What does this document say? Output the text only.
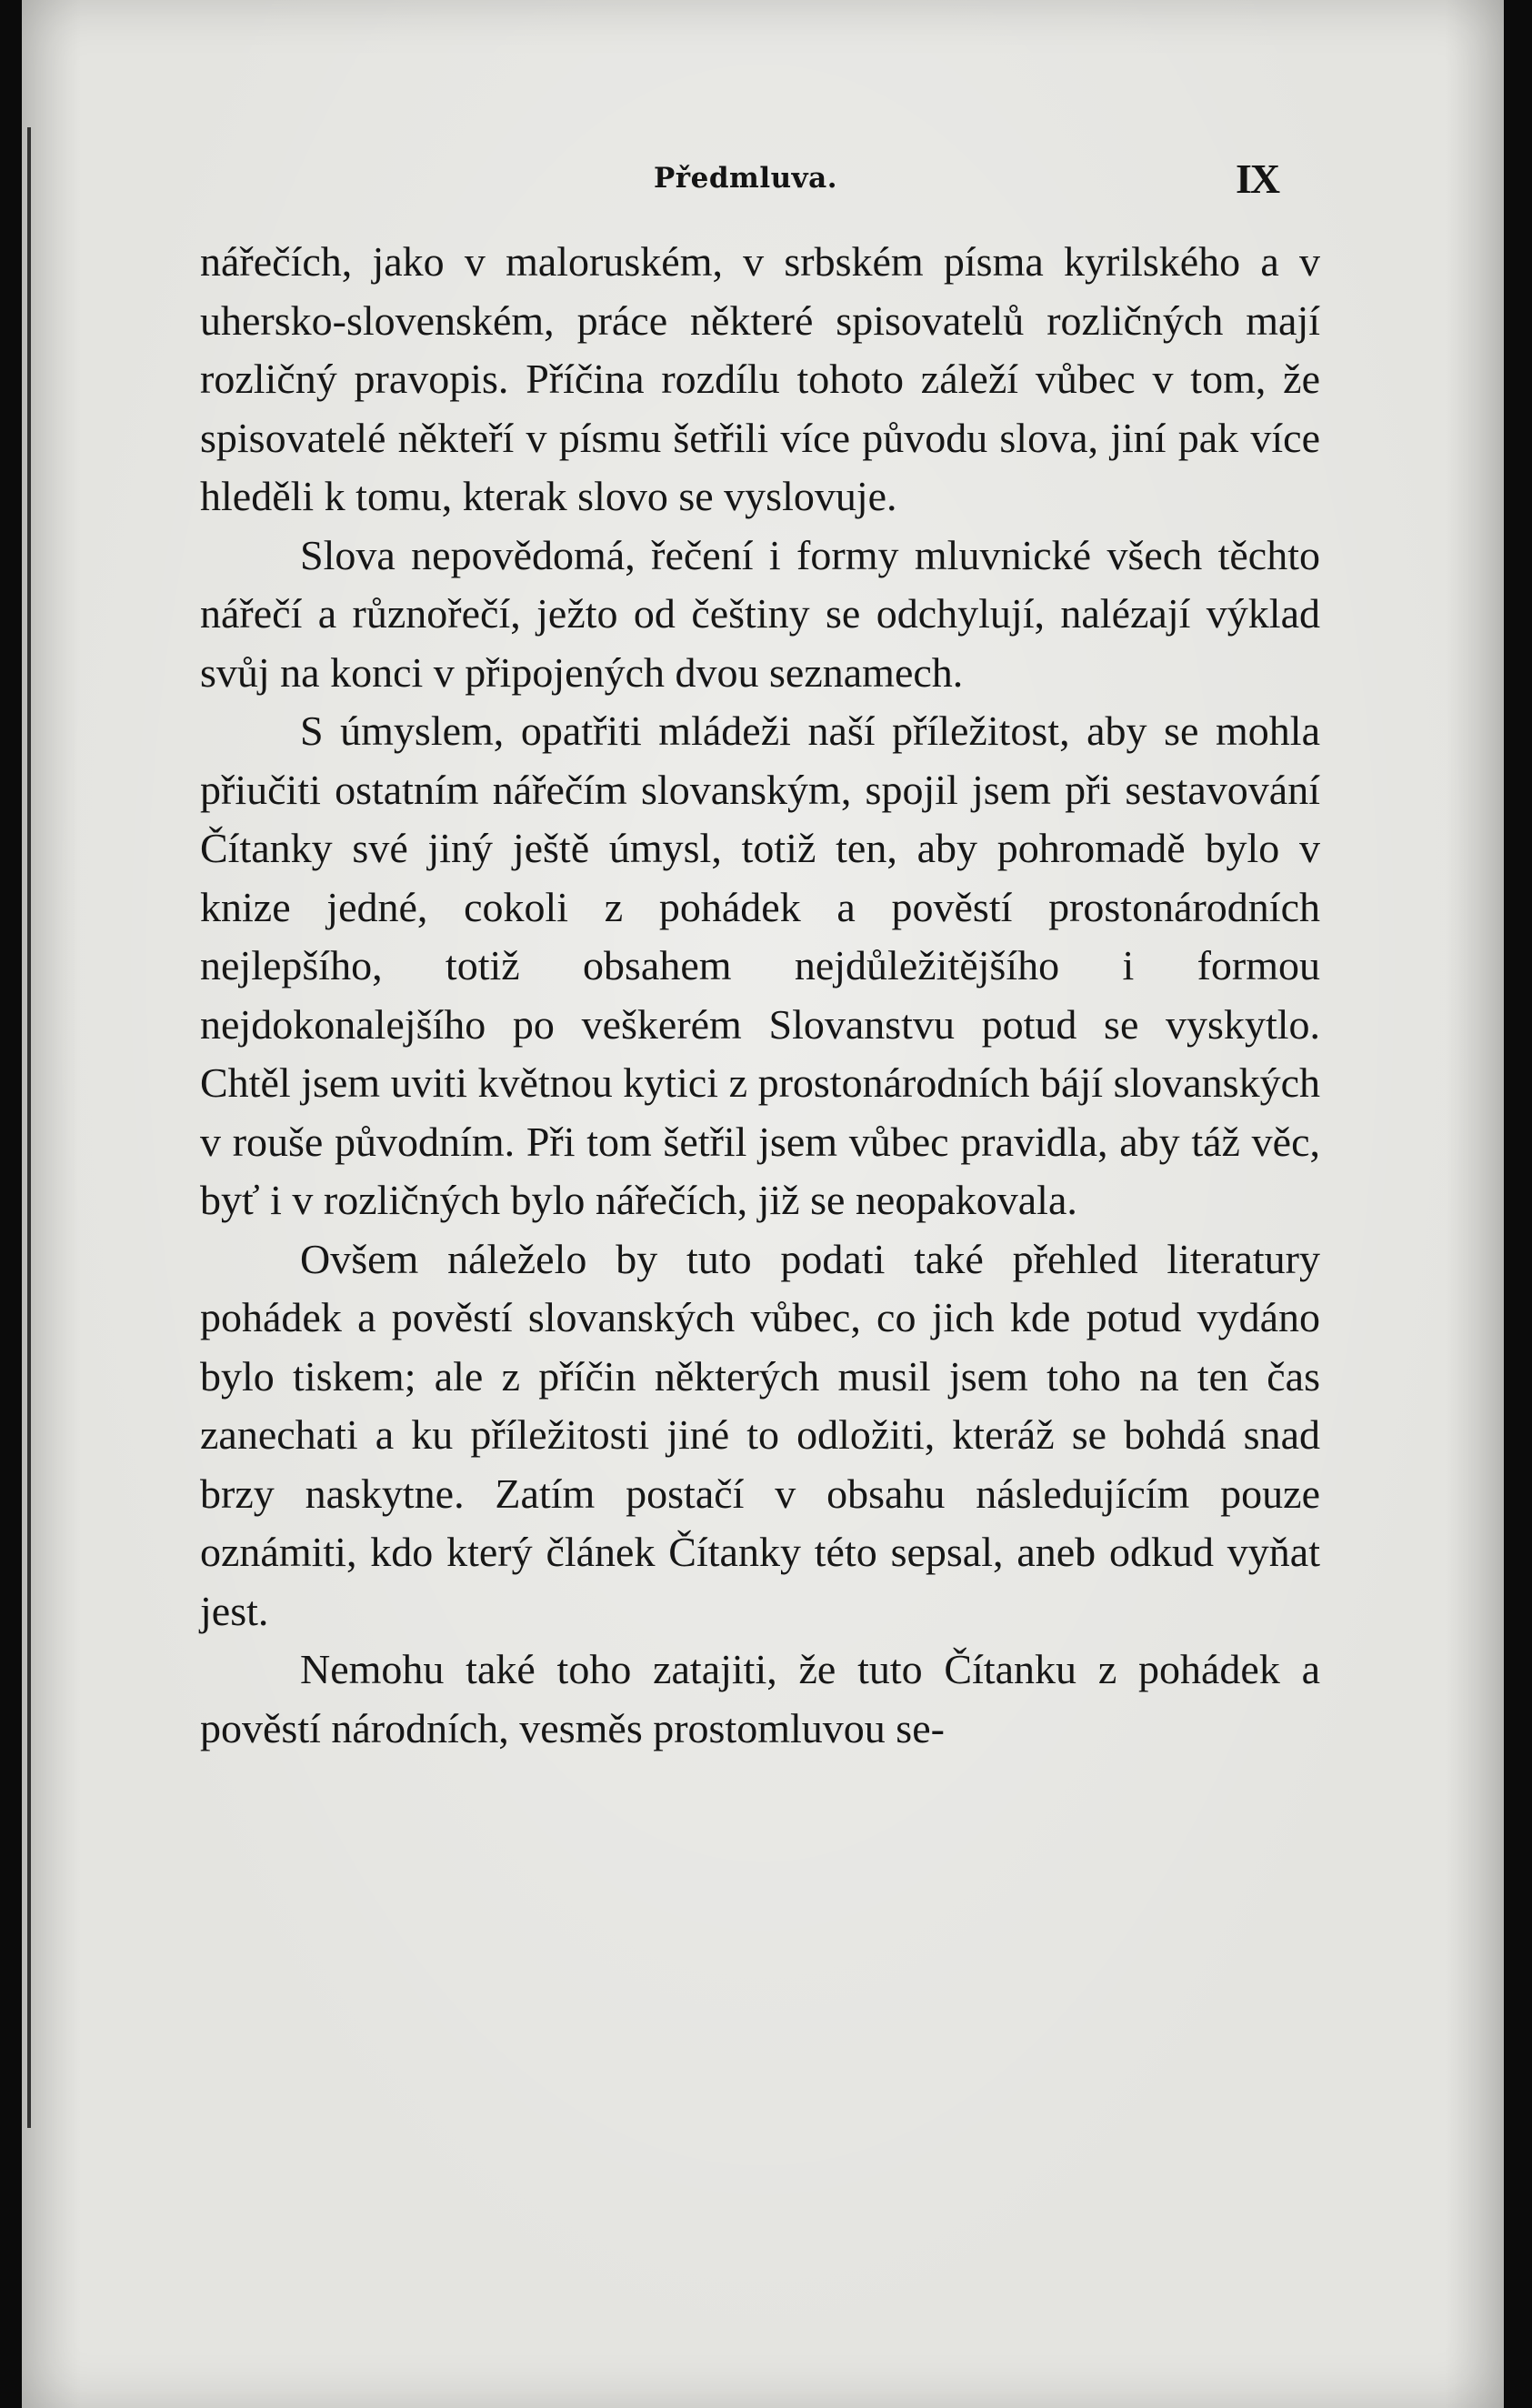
Předmluva.	IX

nářečích, jako v maloruském, v srbském písma kyrilského a v uhersko-slovenském, práce některé spisovatelů rozličných mají rozličný pravopis. Příčina rozdílu tohoto záleží vůbec v tom, že spisovatelé někteří v písmu šetřili více původu slova, jiní pak více hleděli k tomu, kterak slovo se vyslovuje.

Slova nepovědomá, řečení i formy mluvnické všech těchto nářečí a různořečí, ježto od češtiny se odchylují, nalézají výklad svůj na konci v připojených dvou seznamech.

S úmyslem, opatřiti mládeži naší příležitost, aby se mohla přiučiti ostatním nářečím slovanským, spojil jsem při sestavování Čítanky své jiný ještě úmysl, totiž ten, aby pohromadě bylo v knize jedné, cokoli z pohádek a pověstí prostonárodních nejlepšího, totiž obsahem nejdůležitějšího i formou nejdokonalejšího po veškerém Slovanstvu potud se vyskytlo. Chtěl jsem uviti květnou kytici z prostonárodních bájí slovanských v rouše původním. Při tom šetřil jsem vůbec pravidla, aby táž věc, byť i v rozličných bylo nářečích, již se neopakovala.

Ovšem náleželo by tuto podati také přehled literatury pohádek a pověstí slovanských vůbec, co jich kde potud vydáno bylo tiskem; ale z příčin některých musil jsem toho na ten čas zanechati a ku příležitosti jiné to odložiti, kteráž se bohdá snad brzy naskytne. Zatím postačí v obsahu následujícím pouze oznámiti, kdo který článek Čítanky této sepsal, aneb odkud vyňat jest.

Nemohu také toho zatajiti, že tuto Čítanku z pohádek a pověstí národních, vesměs prostomluvou se-
